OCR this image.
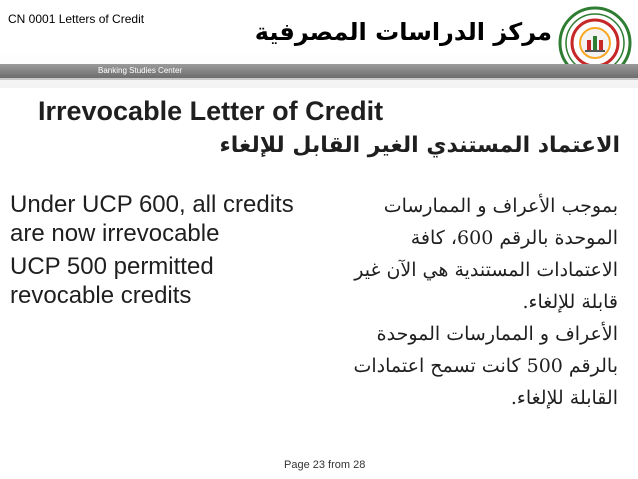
CN 0001 Letters of Credit	مركز الدراسات المصرفية
Banking Studies Center
Irrevocable Letter of Credit
الاعتماد المستندي الغير القابل للإلغاء

Under UCP 600, all credits are now irrevocable

UCP 500 permitted revocable credits

بموجب الأعراف و الممارسات
الموحدة بالرقم 600، كافة
الاعتمادات المستندية هي الآن غير
قابلة للإلغاء.
الأعراف و الممارسات الموحدة
بالرقم 500 كانت تسمح اعتمادات
القابلة للإلغاء.
Page 23 from 28
